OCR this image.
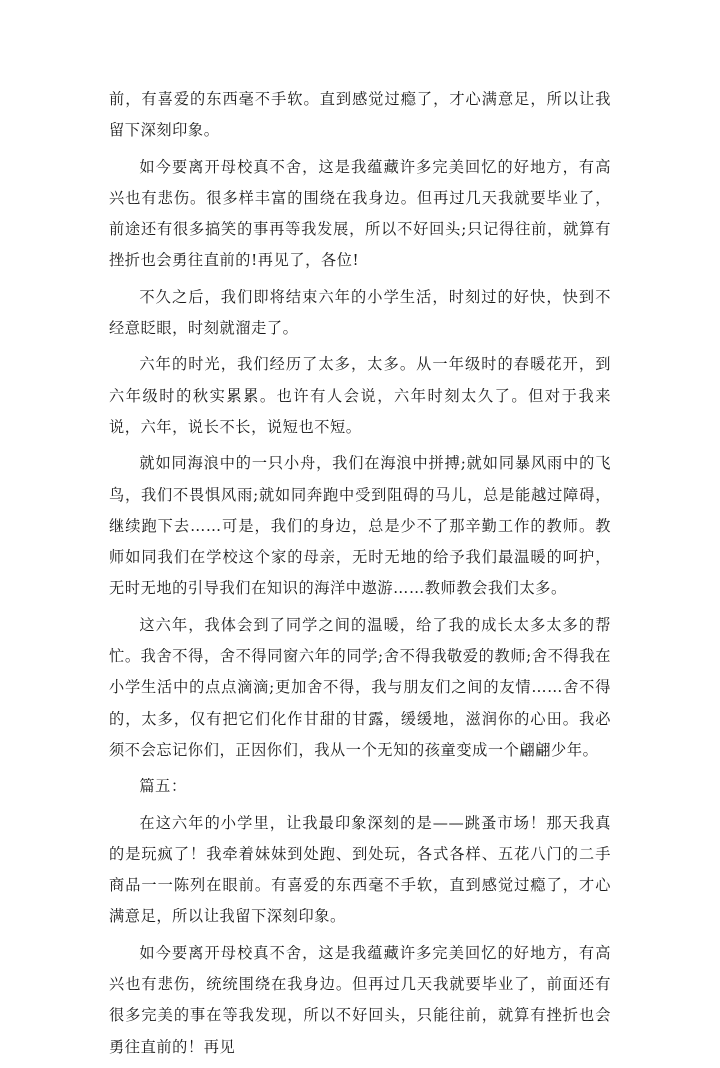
前，有喜爱的东西毫不手软。直到感觉过瘾了，才心满意足，所以让我留下深刻印象。

如今要离开母校真不舍，这是我蕴藏许多完美回忆的好地方，有高兴也有悲伤。很多样丰富的围绕在我身边。但再过几天我就要毕业了，前途还有很多搞笑的事再等我发展，所以不好回头;只记得往前，就算有挫折也会勇往直前的!再见了，各位!

不久之后，我们即将结束六年的小学生活，时刻过的好快，快到不经意眨眼，时刻就溜走了。

六年的时光，我们经历了太多，太多。从一年级时的春暖花开，到六年级时的秋实累累。也许有人会说，六年时刻太久了。但对于我来说，六年，说长不长，说短也不短。

就如同海浪中的一只小舟，我们在海浪中拼搏;就如同暴风雨中的飞鸟，我们不畏惧风雨;就如同奔跑中受到阻碍的马儿，总是能越过障碍，继续跑下去……可是，我们的身边，总是少不了那辛勤工作的教师。教师如同我们在学校这个家的母亲，无时无地的给予我们最温暖的呵护，无时无地的引导我们在知识的海洋中遨游……教师教会我们太多。

这六年，我体会到了同学之间的温暖，给了我的成长太多太多的帮忙。我舍不得，舍不得同窗六年的同学;舍不得我敬爱的教师;舍不得我在小学生活中的点点滴滴;更加舍不得，我与朋友们之间的友情……舍不得的，太多，仅有把它们化作甘甜的甘露，缓缓地，滋润你的心田。我必须不会忘记你们，正因你们，我从一个无知的孩童变成一个翩翩少年。

篇五：

在这六年的小学里，让我最印象深刻的是——跳蚤市场！那天我真的是玩疯了！我牵着妹妹到处跑、到处玩，各式各样、五花八门的二手商品一一陈列在眼前。有喜爱的东西毫不手软，直到感觉过瘾了，才心满意足，所以让我留下深刻印象。

如今要离开母校真不舍，这是我蕴藏许多完美回忆的好地方，有高兴也有悲伤，统统围绕在我身边。但再过几天我就要毕业了，前面还有很多完美的事在等我发现，所以不好回头，只能往前，就算有挫折也会勇往直前的！再见
